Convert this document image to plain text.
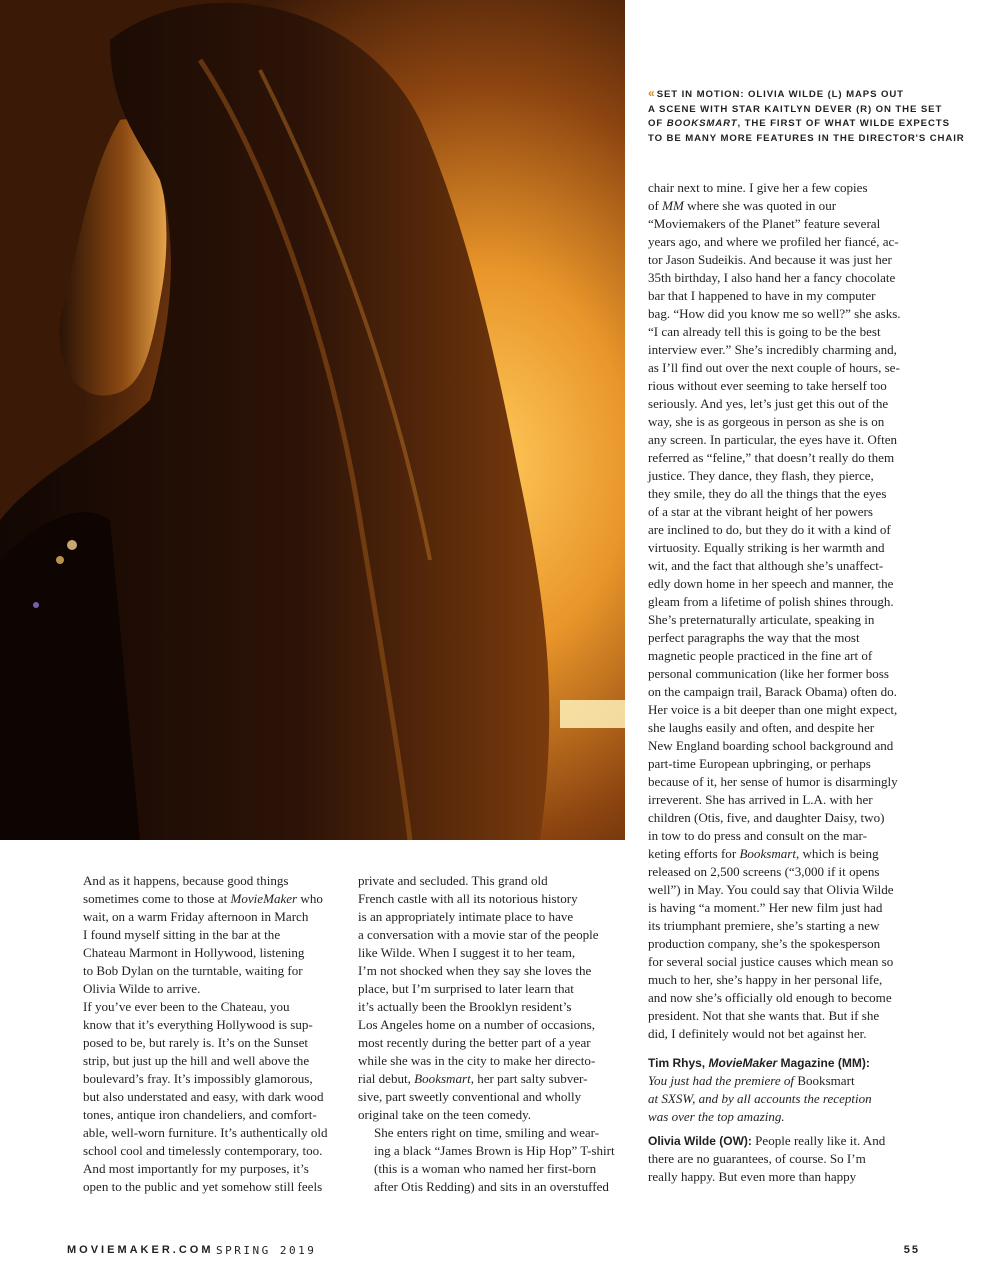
« SET IN MOTION: OLIVIA WILDE (L) MAPS OUT
A SCENE WITH STAR KAITLYN DEVER (R) ON THE SET
OF BOOKSMART, THE FIRST OF WHAT WILDE EXPECTS
TO BE MANY MORE FEATURES IN THE DIRECTOR'S CHAIR

And as it happens, because good things
sometimes come to those at MovieMaker who
wait, on a warm Friday afternoon in March
I found myself sitting in the bar at the
Chateau Marmont in Hollywood, listening
to Bob Dylan on the turntable, waiting for
Olivia Wilde to arrive.

If you’ve ever been to the Chateau, you
know that it’s everything Hollywood is sup-
posed to be, but rarely is. It’s on the Sunset
strip, but just up the hill and well above the
boulevard’s fray. It’s impossibly glamorous,
but also understated and easy, with dark wood
tones, antique iron chandeliers, and comfort-
able, well-worn furniture. It’s authentically old
school cool and timelessly contemporary, too.
And most importantly for my purposes, it’s
open to the public and yet somehow still feels

private and secluded. This grand old
French castle with all its notorious history
is an appropriately intimate place to have
a conversation with a movie star of the people
like Wilde. When I suggest it to her team,
I’m not shocked when they say she loves the
place, but I’m surprised to later learn that
it’s actually been the Brooklyn resident’s
Los Angeles home on a number of occasions,
most recently during the better part of a year
while she was in the city to make her directo-
rial debut, Booksmart, her part salty subver-
sive, part sweetly conventional and wholly
original take on the teen comedy.

She enters right on time, smiling and wear-
ing a black “James Brown is Hip Hop” T-shirt
(this is a woman who named her first-born
after Otis Redding) and sits in an overstuffed

chair next to mine. I give her a few copies
of MM where she was quoted in our
“Moviemakers of the Planet” feature several
years ago, and where we profiled her fiancé, ac-
tor Jason Sudeikis. And because it was just her
35th birthday, I also hand her a fancy chocolate
bar that I happened to have in my computer
bag. “How did you know me so well?” she asks.
“I can already tell this is going to be the best
interview ever.” She’s incredibly charming and,
as I’ll find out over the next couple of hours, se-
rious without ever seeming to take herself too
seriously. And yes, let’s just get this out of the
way, she is as gorgeous in person as she is on
any screen. In particular, the eyes have it. Often
referred as “feline,” that doesn’t really do them
justice. They dance, they flash, they pierce,
they smile, they do all the things that the eyes
of a star at the vibrant height of her powers
are inclined to do, but they do it with a kind of
virtuosity. Equally striking is her warmth and
wit, and the fact that although she’s unaffect-
edly down home in her speech and manner, the
gleam from a lifetime of polish shines through.
She’s preternaturally articulate, speaking in
perfect paragraphs the way that the most
magnetic people practiced in the fine art of
personal communication (like her former boss
on the campaign trail, Barack Obama) often do.
Her voice is a bit deeper than one might expect,
she laughs easily and often, and despite her
New England boarding school background and
part-time European upbringing, or perhaps
because of it, her sense of humor is disarmingly
irreverent. She has arrived in L.A. with her
children (Otis, five, and daughter Daisy, two)
in tow to do press and consult on the mar-
keting efforts for Booksmart, which is being
released on 2,500 screens (“3,000 if it opens
well”) in May. You could say that Olivia Wilde
is having “a moment.” Her new film just had
its triumphant premiere, she’s starting a new
production company, she’s the spokesperson
for several social justice causes which mean so
much to her, she’s happy in her personal life,
and now she’s officially old enough to become
president. Not that she wants that. But if she
did, I definitely would not bet against her.

Tim Rhys, MovieMaker Magazine (MM):
You just had the premiere of Booksmart
at SXSW, and by all accounts the reception
was over the top amazing.

Olivia Wilde (OW): People really like it. And
there are no guarantees, of course. So I’m
really happy. But even more than happy

MOVIEMAKER.COM SPRING 2019	55
